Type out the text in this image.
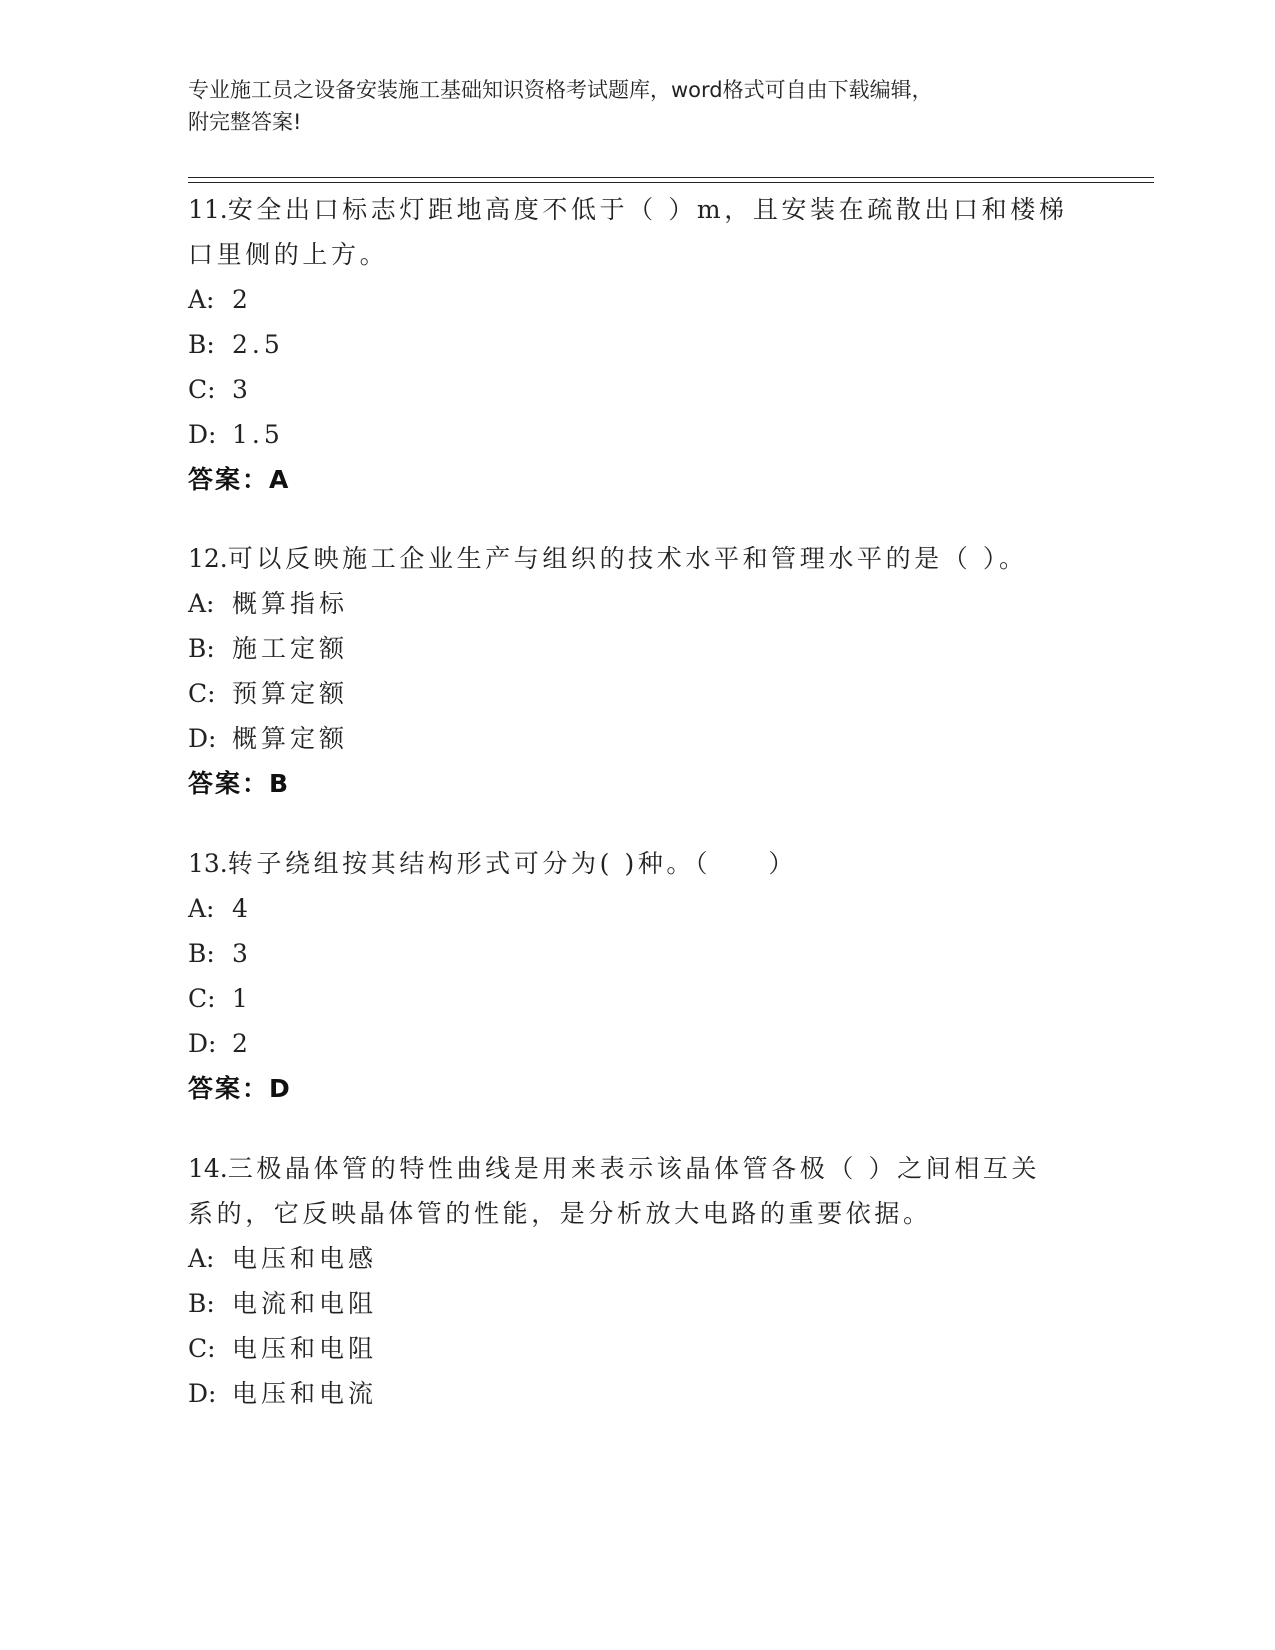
专业施工员之设备安装施工基础知识资格考试题库，word格式可自由下载编辑，
附完整答案!
11.安全出口标志灯距地高度不低于（ ）m，且安装在疏散出口和楼梯
口里侧的上方。
A: 2
B: 2.5
C: 3
D: 1.5
答案：A
12.可以反映施工企业生产与组织的技术水平和管理水平的是（ ）。
A: 概算指标
B: 施工定额
C: 预算定额
D: 概算定额
答案：B
13.转子绕组按其结构形式可分为( )种。（　　）
A: 4
B: 3
C: 1
D: 2
答案：D
14.三极晶体管的特性曲线是用来表示该晶体管各极（ ）之间相互关
系的，它反映晶体管的性能，是分析放大电路的重要依据。
A: 电压和电感
B: 电流和电阻
C: 电压和电阻
D: 电压和电流
